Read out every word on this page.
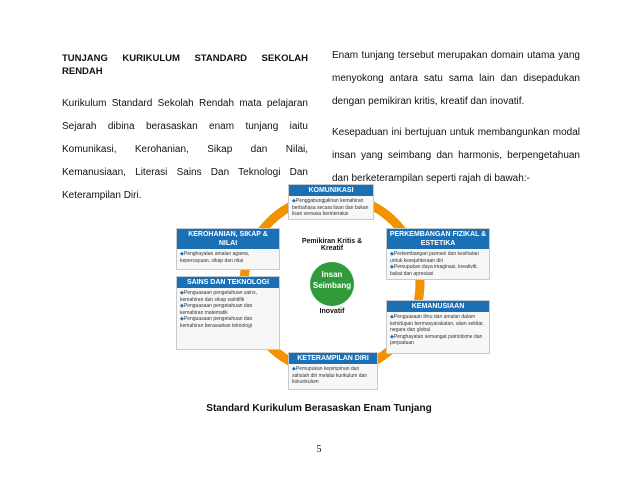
TUNJANG KURIKULUM STANDARD SEKOLAH RENDAH

Kurikulum Standard Sekolah Rendah mata pelajaran Sejarah dibina berasaskan enam tunjang iaitu Komunikasi, Kerohanian, Sikap dan Nilai, Kemanusiaan, Literasi Sains Dan Teknologi Dan Keterampilan Diri.

Enam tunjang tersebut merupakan domain utama yang menyokong antara satu sama lain dan disepadukan dengan pemikiran kritis, kreatif dan inovatif.

Kesepaduan ini bertujuan untuk membangunkan modal insan yang seimbang dan harmonis, berpengetahuan dan berketerampilan seperti rajah di bawah:-

Insan
Seimbang
Pemikiran Kritis & Kreatif
Inovatif
KOMUNIKASI
◆ Penggabungjalinan kemahiran berbahasa secara lisan dan bukan lisan semasa berinteraksi
KEROHANIAN, SIKAP & NILAI
◆ Penghayatan amalan agama, kepercayaan, sikap dan nilai
PERKEMBANGAN FIZIKAL & ESTETIKA
◆ Perkembangan jasmani dan kesihatan untuk kesejahteraan diri
◆ Pemupukan daya imaginasi, kreativiti, bakat dan apresiasi
SAINS DAN TEKNOLOGI
◆ Penguasaan pengetahuan sains, kemahiran dan sikap saintifik
◆ Penguasaan pengetahuan dan kemahiran matematik
◆ Penguasaan pengetahuan dan kemahiran berasaskan teknologi
KEMANUSIAAN
◆ Penguasaan ilmu dan amalan dalam kehidupan bermasyarakatan, alam sekitar, negara dan global
◆ Penghayatan semangat patriotisme dan perpaduan
KETERAMPILAN DIRI
◆ Pemupukan kepimpinan dan sahsiah diri melalui kurikulum dan kokurikulum
Standard Kurikulum Berasaskan Enam Tunjang
5
